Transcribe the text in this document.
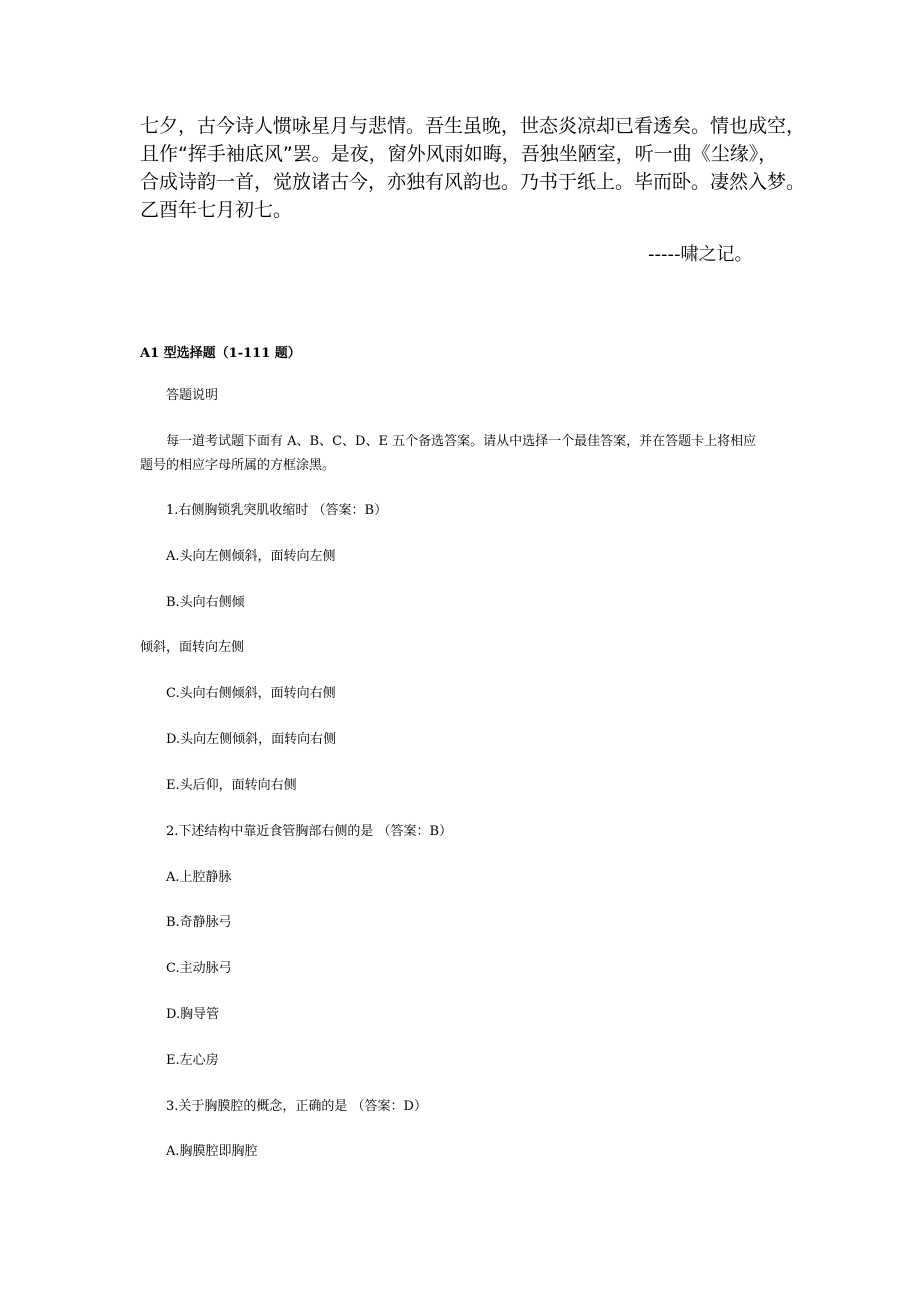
七夕，古今诗人惯咏星月与悲情。吾生虽晚，世态炎凉却已看透矣。情也成空，
且作“挥手袖底风”罢。是夜，窗外风雨如晦，吾独坐陋室，听一曲《尘缘》，
合成诗韵一首，觉放诸古今，亦独有风韵也。乃书于纸上。毕而卧。凄然入梦。
乙酉年七月初七。
-----啸之记。
A1 型选择题（1-111 题）
答题说明
每一道考试题下面有 A、B、C、D、E 五个备选答案。请从中选择一个最佳答案，并在答题卡上将相应
题号的相应字母所属的方框涂黑。
1.右侧胸锁乳突肌收缩时 （答案：B）
A.头向左侧倾斜，面转向左侧
B.头向右侧倾
倾斜，面转向左侧
C.头向右侧倾斜，面转向右侧
D.头向左侧倾斜，面转向右侧
E.头后仰，面转向右侧
2.下述结构中靠近食管胸部右侧的是 （答案：B）
A.上腔静脉
B.奇静脉弓
C.主动脉弓
D.胸导管
E.左心房
3.关于胸膜腔的概念，正确的是 （答案：D）
A.胸膜腔即胸腔
